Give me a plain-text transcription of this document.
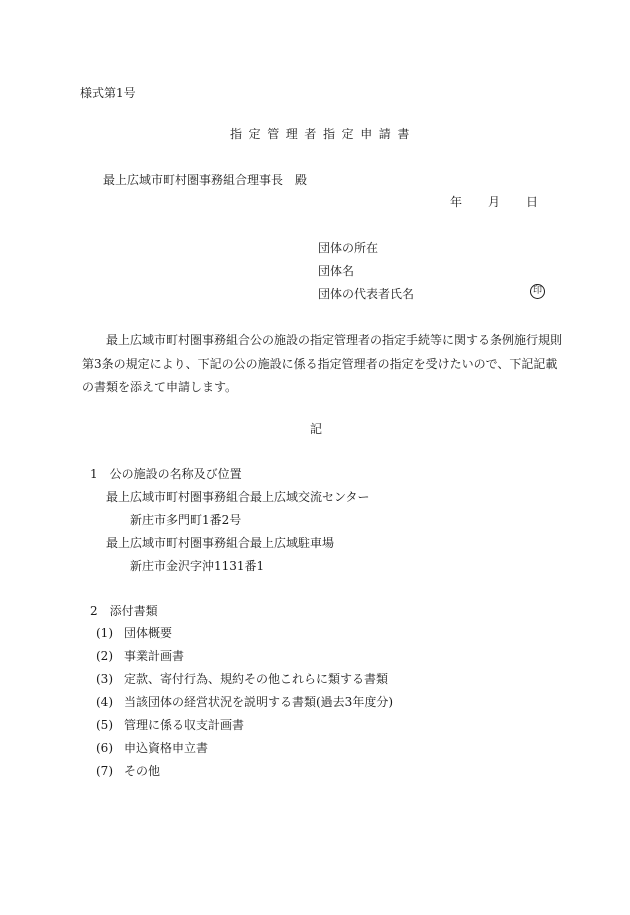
様式第1号
指定管理者指定申請書
最上広域市町村圏事務組合理事長　殿
年 月 日
団体の所在
団体名
団体の代表者氏名	印
最上広域市町村圏事務組合公の施設の指定管理者の指定手続等に関する条例施行規則第3条の規定により、下記の公の施設に係る指定管理者の指定を受けたいので、下記記載の書類を添えて申請します。
記
1　公の施設の名称及び位置
最上広域市町村圏事務組合最上広域交流センター
新庄市多門町1番2号
最上広域市町村圏事務組合最上広域駐車場
新庄市金沢字沖1131番1
2　添付書類
(1) 団体概要
(2) 事業計画書
(3) 定款、寄付行為、規約その他これらに類する書類
(4) 当該団体の経営状況を説明する書類(過去3年度分)
(5) 管理に係る収支計画書
(6) 申込資格申立書
(7) その他
